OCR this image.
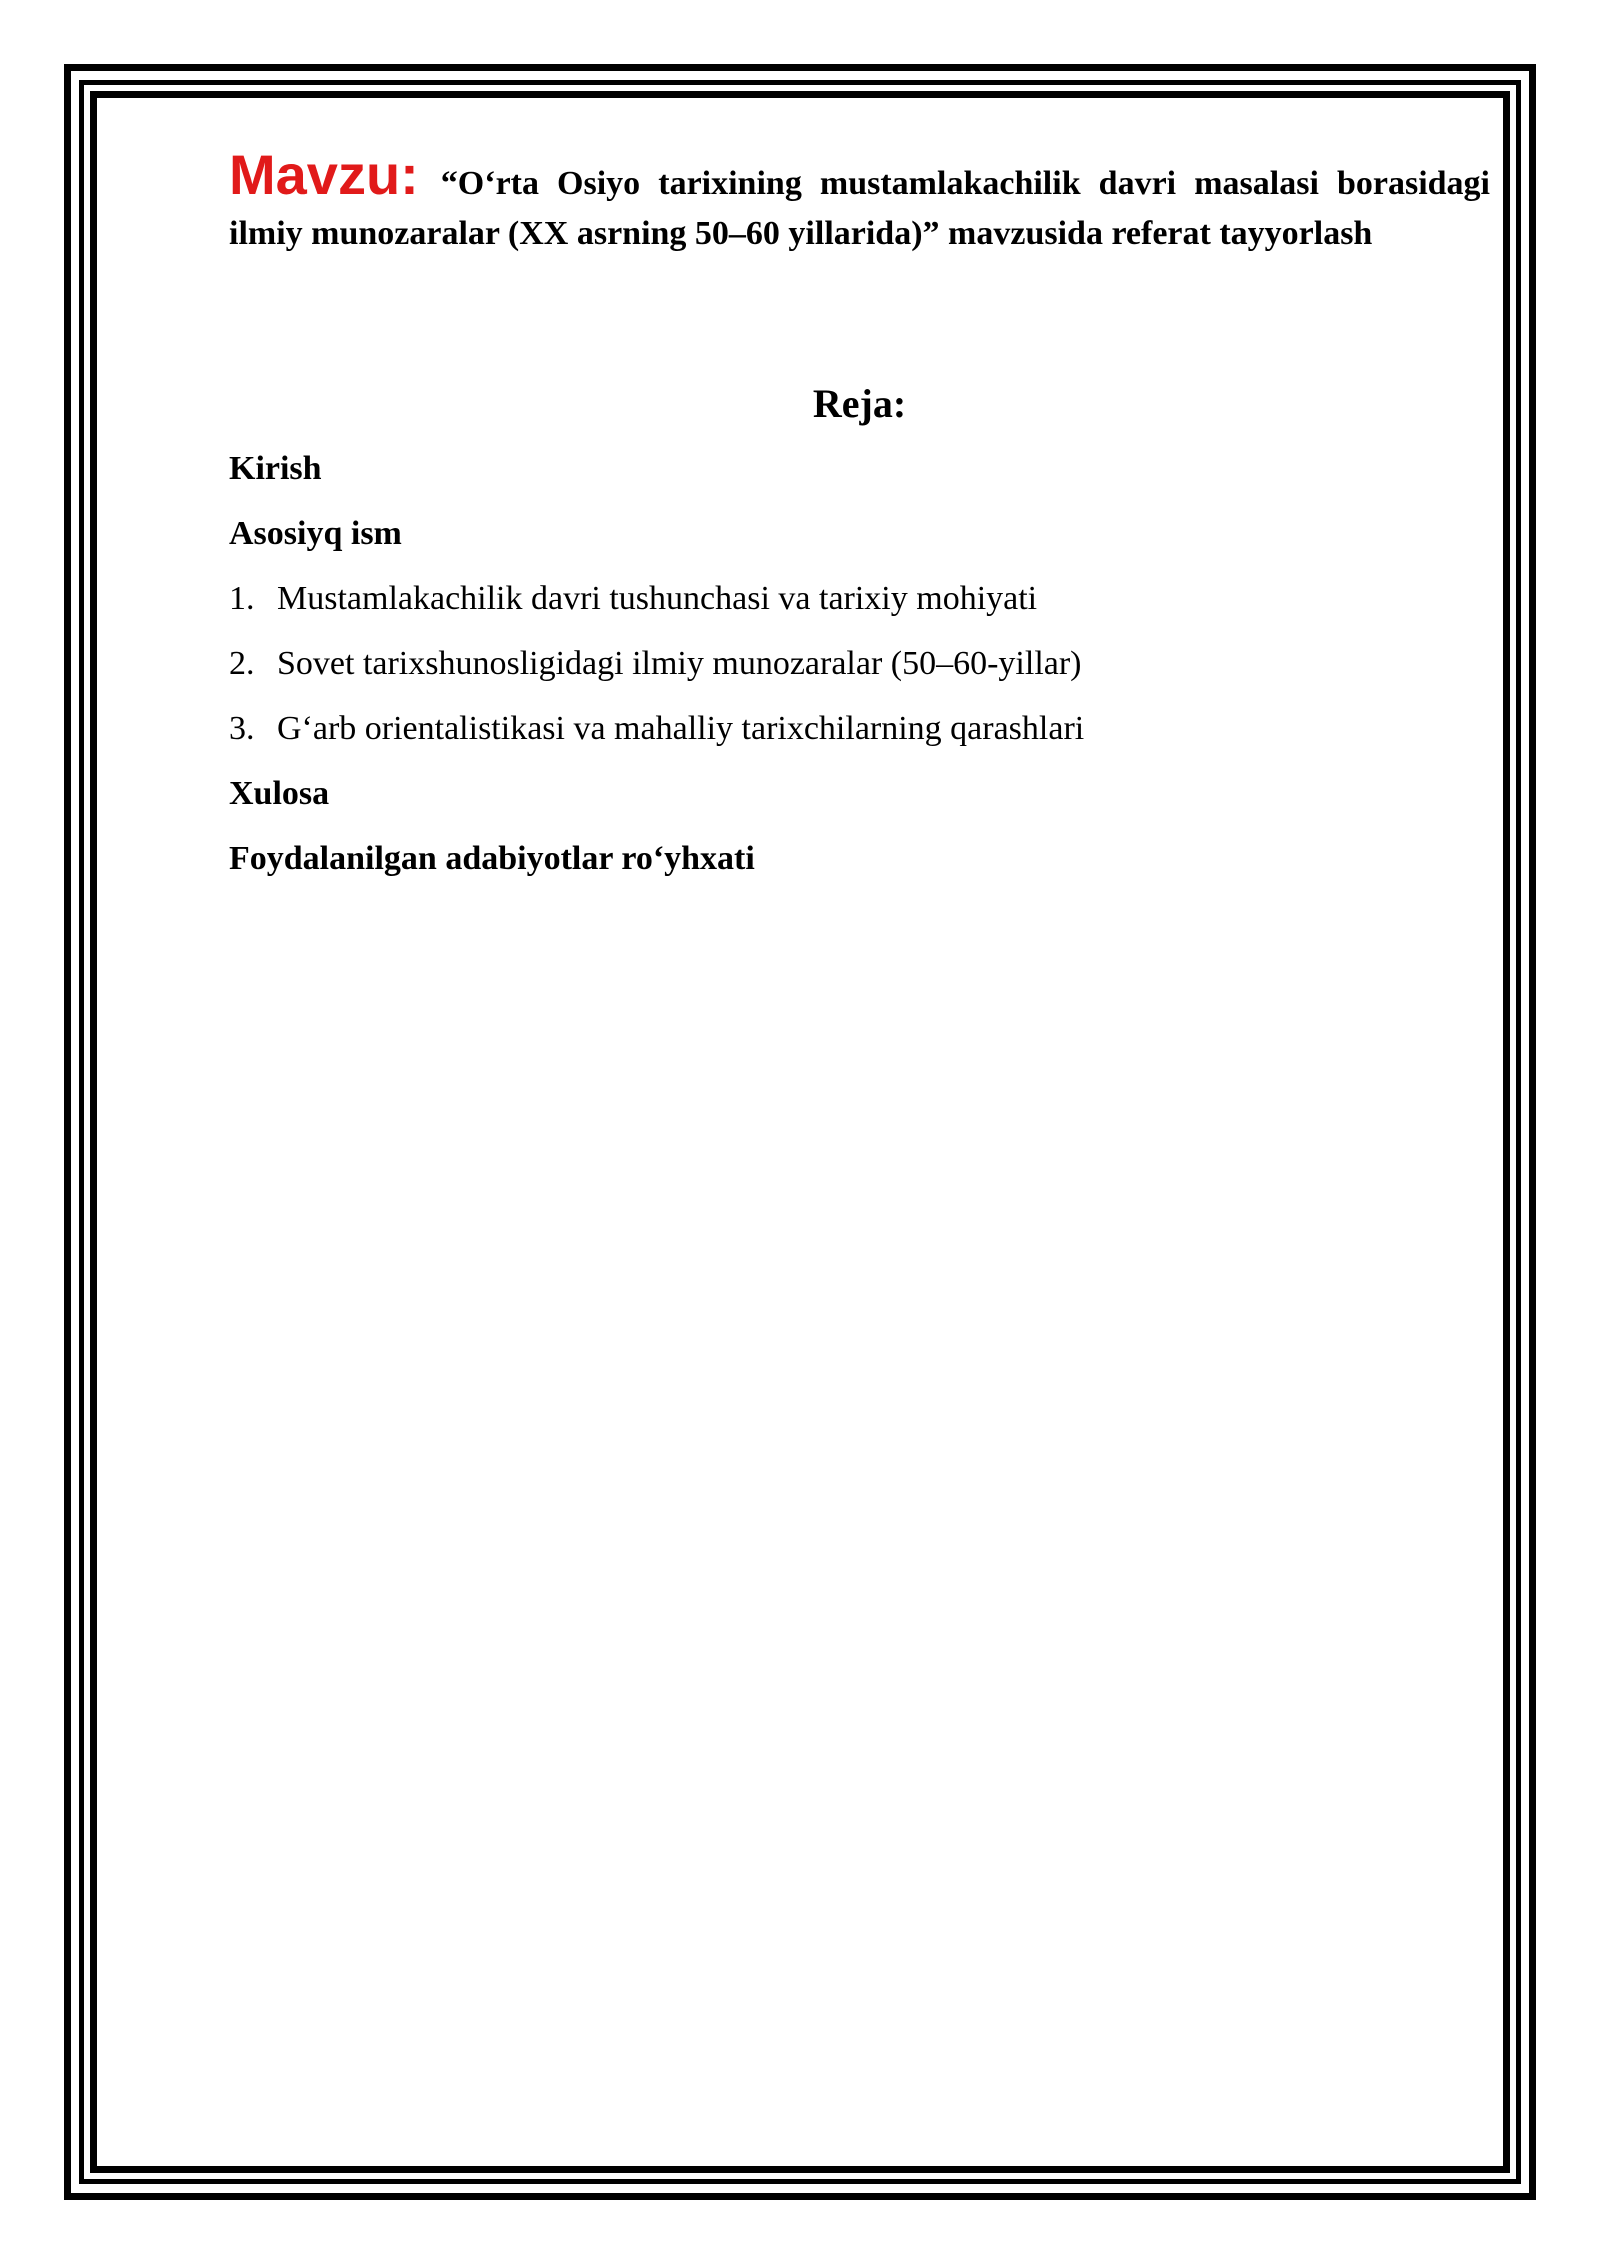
Mavzu: “O‘rta Osiyo tarixining mustamlakachilik davri masalasi borasidagi ilmiy munozaralar (XX asrning 50–60 yillarida)” mavzusida referat tayyorlash

Reja:

Kirish

Asosiyq ism

1. Mustamlakachilik davri tushunchasi va tarixiy mohiyati
2. Sovet tarixshunosligidagi ilmiy munozaralar (50–60-yillar)
3. G‘arb orientalistikasi va mahalliy tarixchilarning qarashlari

Xulosa

Foydalanilgan adabiyotlar ro‘yhxati
